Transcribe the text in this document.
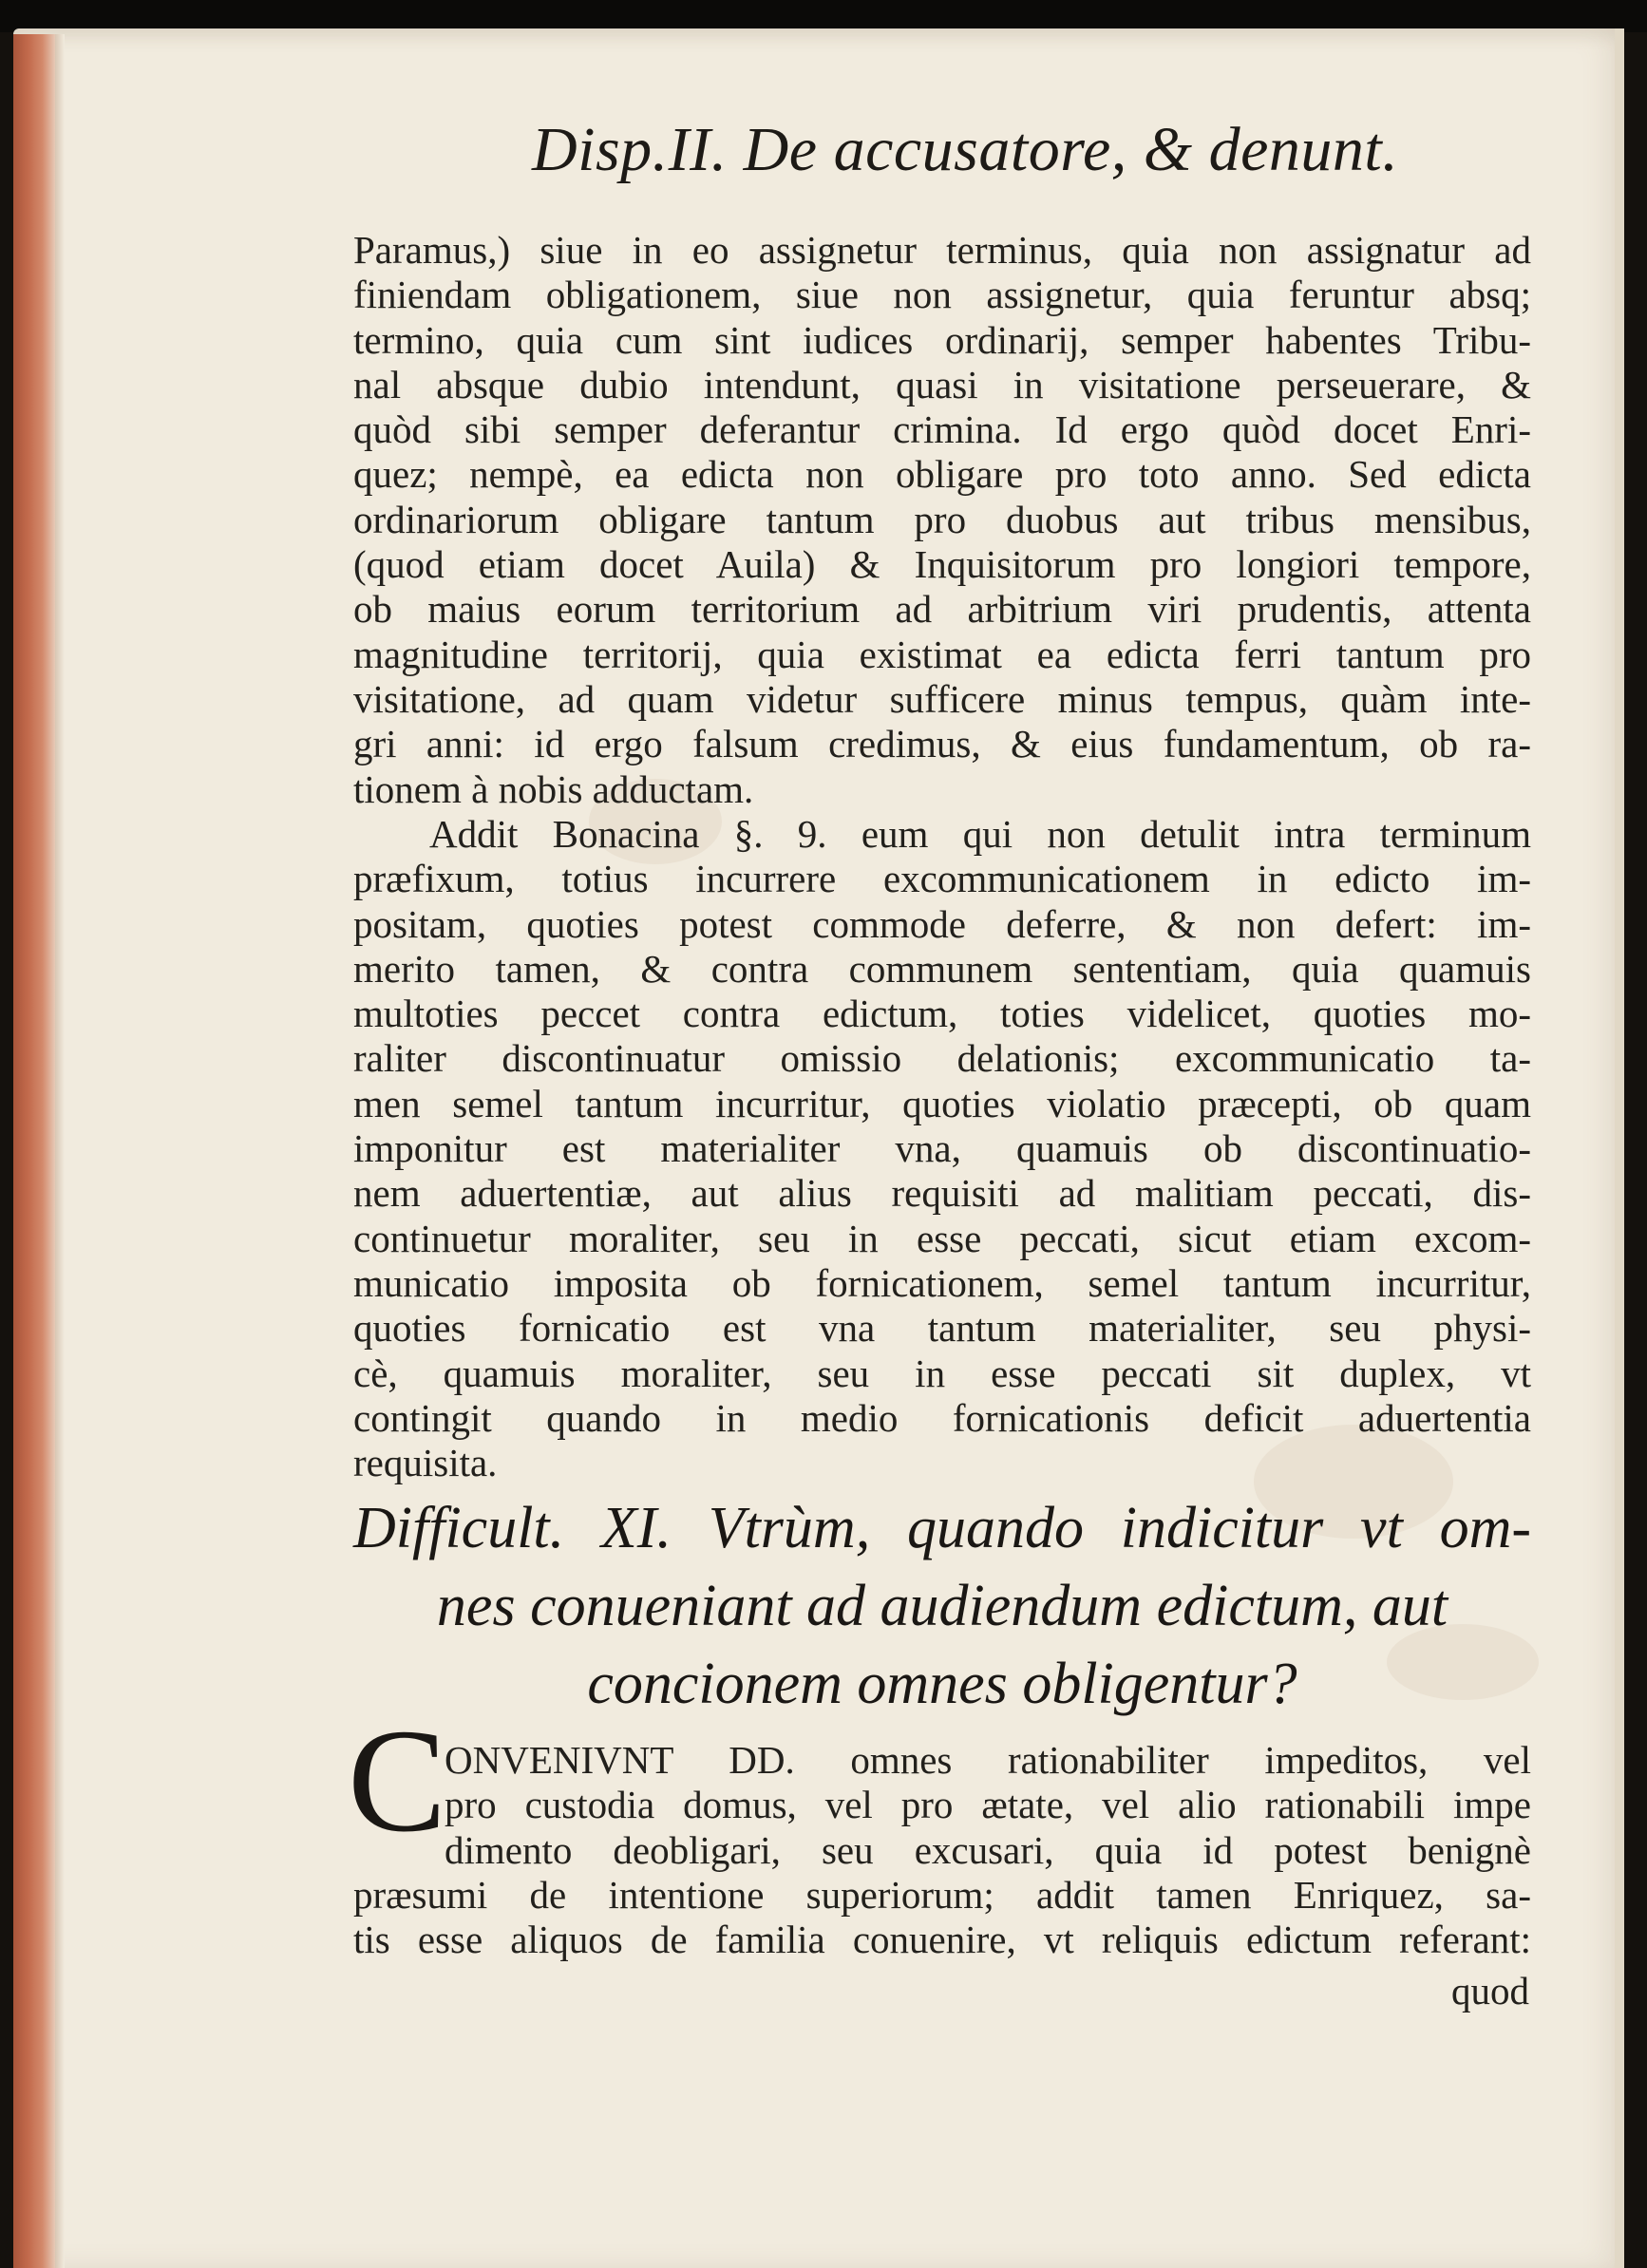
Disp.II. De accusatore, & denunt.
Paramus,) siue in eo assignetur terminus, quia non assignatur ad
finiendam obligationem, siue non assignetur, quia feruntur absq;
termino, quia cum sint iudices ordinarij, semper habentes Tribu-
nal absque dubio intendunt, quasi in visitatione perseuerare, &
quòd sibi semper deferantur crimina. Id ergo quòd docet Enri-
quez; nempè, ea edicta non obligare pro toto anno. Sed edicta
ordinariorum obligare tantum pro duobus aut tribus mensibus,
(quod etiam docet Auila) & Inquisitorum pro longiori tempore,
ob maius eorum territorium ad arbitrium viri prudentis, attenta
magnitudine territorij, quia existimat ea edicta ferri tantum pro
visitatione, ad quam videtur sufficere minus tempus, quàm inte-
gri anni: id ergo falsum credimus, & eius fundamentum, ob ra-
tionem à nobis adductam.
Addit Bonacina §. 9. eum qui non detulit intra terminum
præfixum, totius incurrere excommunicationem in edicto im-
positam, quoties potest commode deferre, & non defert: im-
merito tamen, & contra communem sententiam, quia quamuis
multoties peccet contra edictum, toties videlicet, quoties mo-
raliter discontinuatur omissio delationis; excommunicatio ta-
men semel tantum incurritur, quoties violatio præcepti, ob quam
imponitur est materialiter vna, quamuis ob discontinuatio-
nem aduertentiæ, aut alius requisiti ad malitiam peccati, dis-
continuetur moraliter, seu in esse peccati, sicut etiam excom-
municatio imposita ob fornicationem, semel tantum incurritur,
quoties fornicatio est vna tantum materialiter, seu physi-
cè, quamuis moraliter, seu in esse peccati sit duplex, vt
contingit quando in medio fornicationis deficit aduertentia
requisita.
Difficult. XI. Vtrùm, quando indicitur vt om-
nes conueniant ad audiendum edictum, aut
concionem omnes obligentur?
C
ONVENIVNT DD. omnes rationabiliter impeditos, vel
pro custodia domus, vel pro ætate, vel alio rationabili impe
dimento deobligari, seu excusari, quia id potest benignè
præsumi de intentione superiorum; addit tamen Enriquez, sa-
tis esse aliquos de familia conuenire, vt reliquis edictum referant:
quod
